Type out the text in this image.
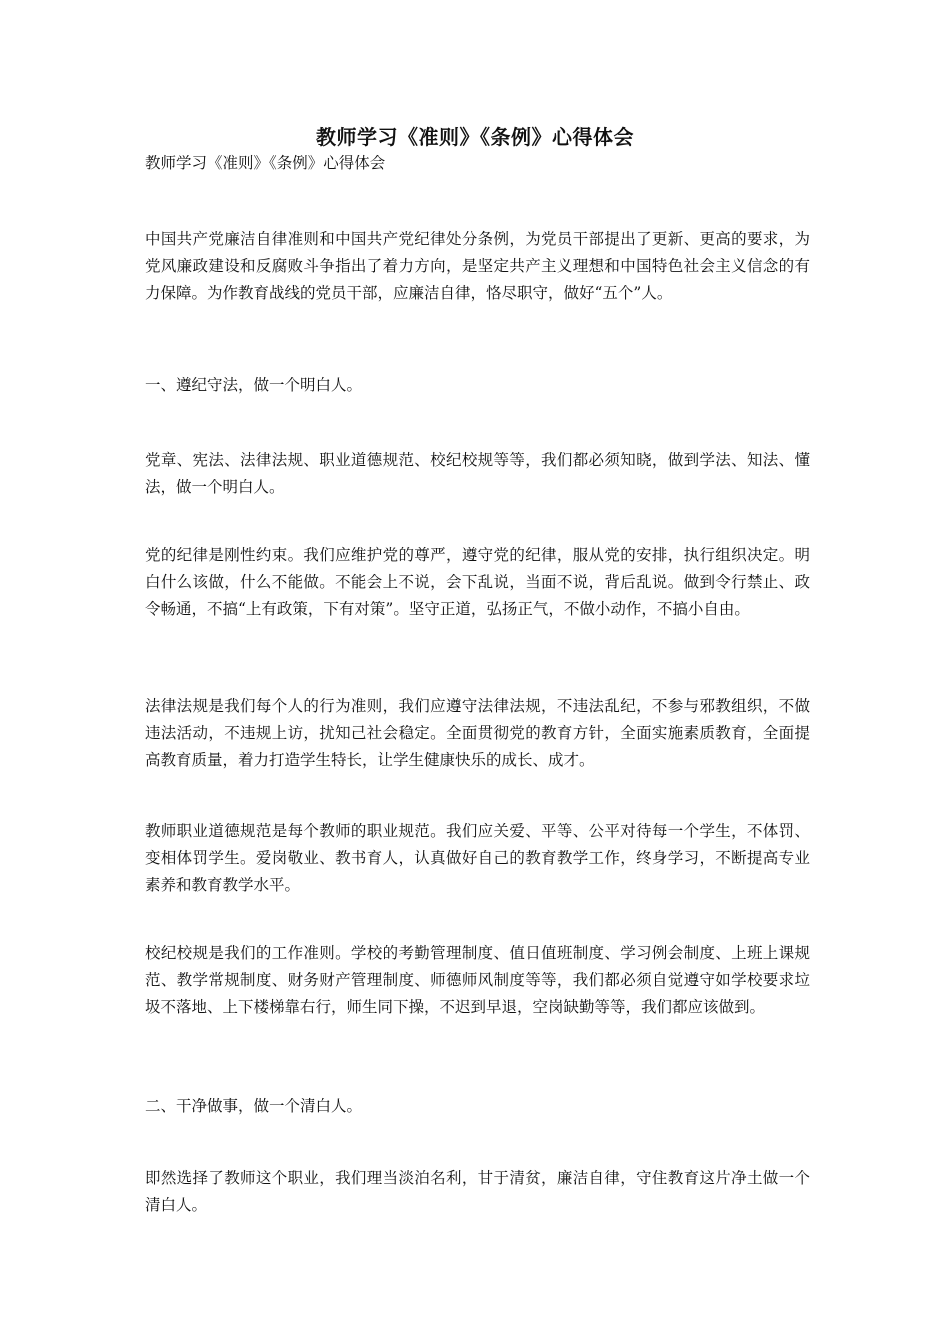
教师学习《准则》《条例》心得体会

教师学习《准则》《条例》心得体会

中国共产党廉洁自律准则和中国共产党纪律处分条例，为党员干部提出了更新、更高的要求，为党风廉政建设和反腐败斗争指出了着力方向，是坚定共产主义理想和中国特色社会主义信念的有力保障。为作教育战线的党员干部，应廉洁自律，恪尽职守，做好“五个”人。

一、遵纪守法，做一个明白人。

党章、宪法、法律法规、职业道德规范、校纪校规等等，我们都必须知晓，做到学法、知法、懂法，做一个明白人。

党的纪律是刚性约束。我们应维护党的尊严，遵守党的纪律，服从党的安排，执行组织决定。明白什么该做，什么不能做。不能会上不说，会下乱说，当面不说，背后乱说。做到令行禁止、政令畅通，不搞“上有政策，下有对策”。坚守正道，弘扬正气，不做小动作，不搞小自由。

法律法规是我们每个人的行为准则，我们应遵守法律法规，不违法乱纪，不参与邪教组织，不做违法活动，不违规上访，扰知己社会稳定。全面贯彻党的教育方针，全面实施素质教育，全面提高教育质量，着力打造学生特长，让学生健康快乐的成长、成才。

教师职业道德规范是每个教师的职业规范。我们应关爱、平等、公平对待每一个学生，不体罚、变相体罚学生。爱岗敬业、教书育人，认真做好自己的教育教学工作，终身学习，不断提高专业素养和教育教学水平。

校纪校规是我们的工作准则。学校的考勤管理制度、值日值班制度、学习例会制度、上班上课规范、教学常规制度、财务财产管理制度、师德师风制度等等，我们都必须自觉遵守如学校要求垃圾不落地、上下楼梯靠右行，师生同下操，不迟到早退，空岗缺勤等等，我们都应该做到。

二、干净做事，做一个清白人。

即然选择了教师这个职业，我们理当淡泊名利，甘于清贫，廉洁自律，守住教育这片净土做一个清白人。
